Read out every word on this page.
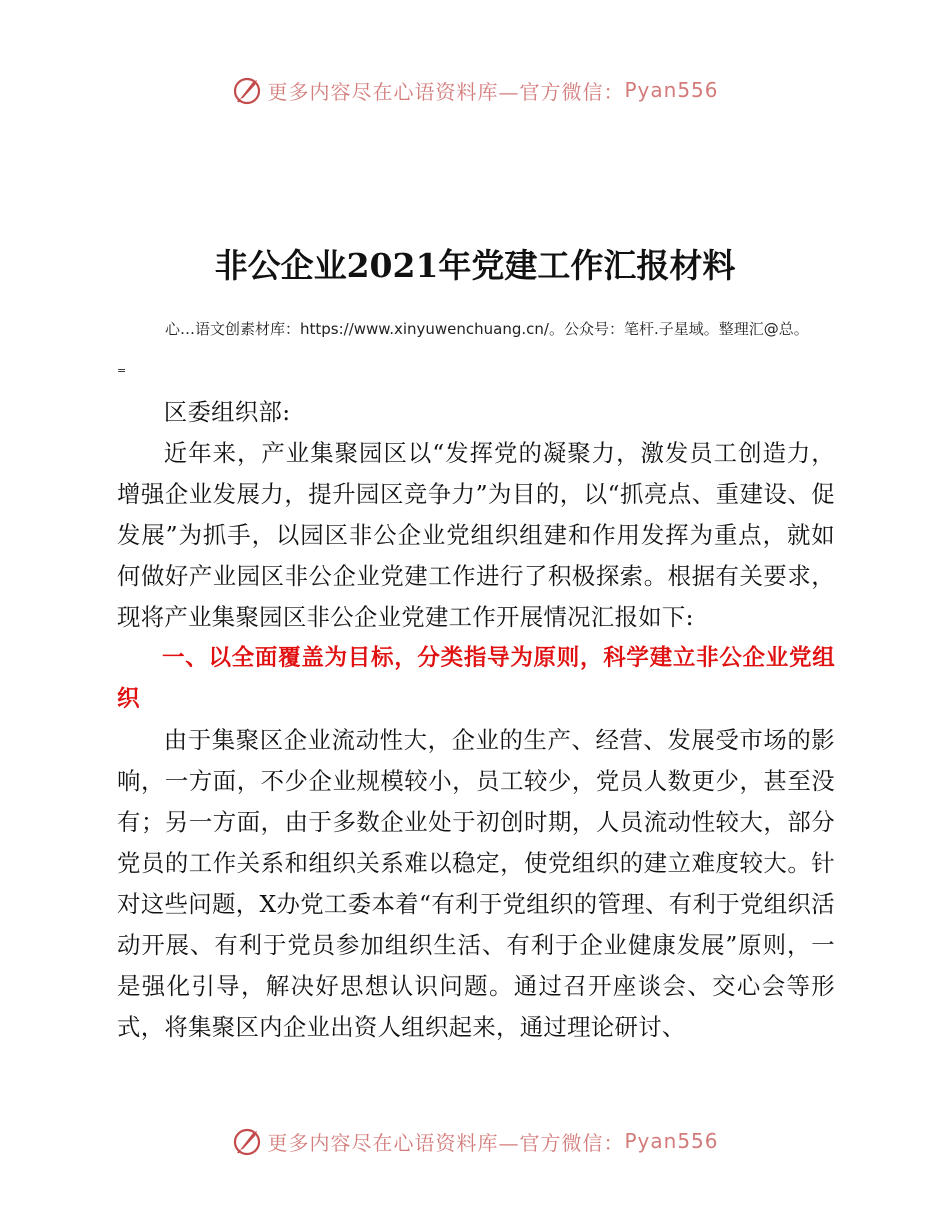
更多内容尽在心语资料库—官方微信： Pyan556
非公企业2021年党建工作汇报材料
心…语文创素材库：https://www.xinyuwenchuang.cn/。公众号：笔杆.子星域。整理汇@总。
=

区委组织部:

近年来，产业集聚园区以“发挥党的凝聚力，激发员工创造力，增强企业发展力，提升园区竞争力”为目的，以“抓亮点、重建设、促发展”为抓手，以园区非公企业党组织组建和作用发挥为重点，就如何做好产业园区非公企业党建工作进行了积极探索。根据有关要求，现将产业集聚园区非公企业党建工作开展情况汇报如下:

一、以全面覆盖为目标，分类指导为原则，科学建立非公企业党组织

由于集聚区企业流动性大，企业的生产、经营、发展受市场的影响，一方面，不少企业规模较小，员工较少，党员人数更少，甚至没有；另一方面，由于多数企业处于初创时期，人员流动性较大，部分党员的工作关系和组织关系难以稳定，使党组织的建立难度较大。针对这些问题，X办党工委本着“有利于党组织的管理、有利于党组织活动开展、有利于党员参加组织生活、有利于企业健康发展”原则，一是强化引导，解决好思想认识问题。通过召开座谈会、交心会等形式，将集聚区内企业出资人组织起来，通过理论研讨、

更多内容尽在心语资料库—官方微信： Pyan556
